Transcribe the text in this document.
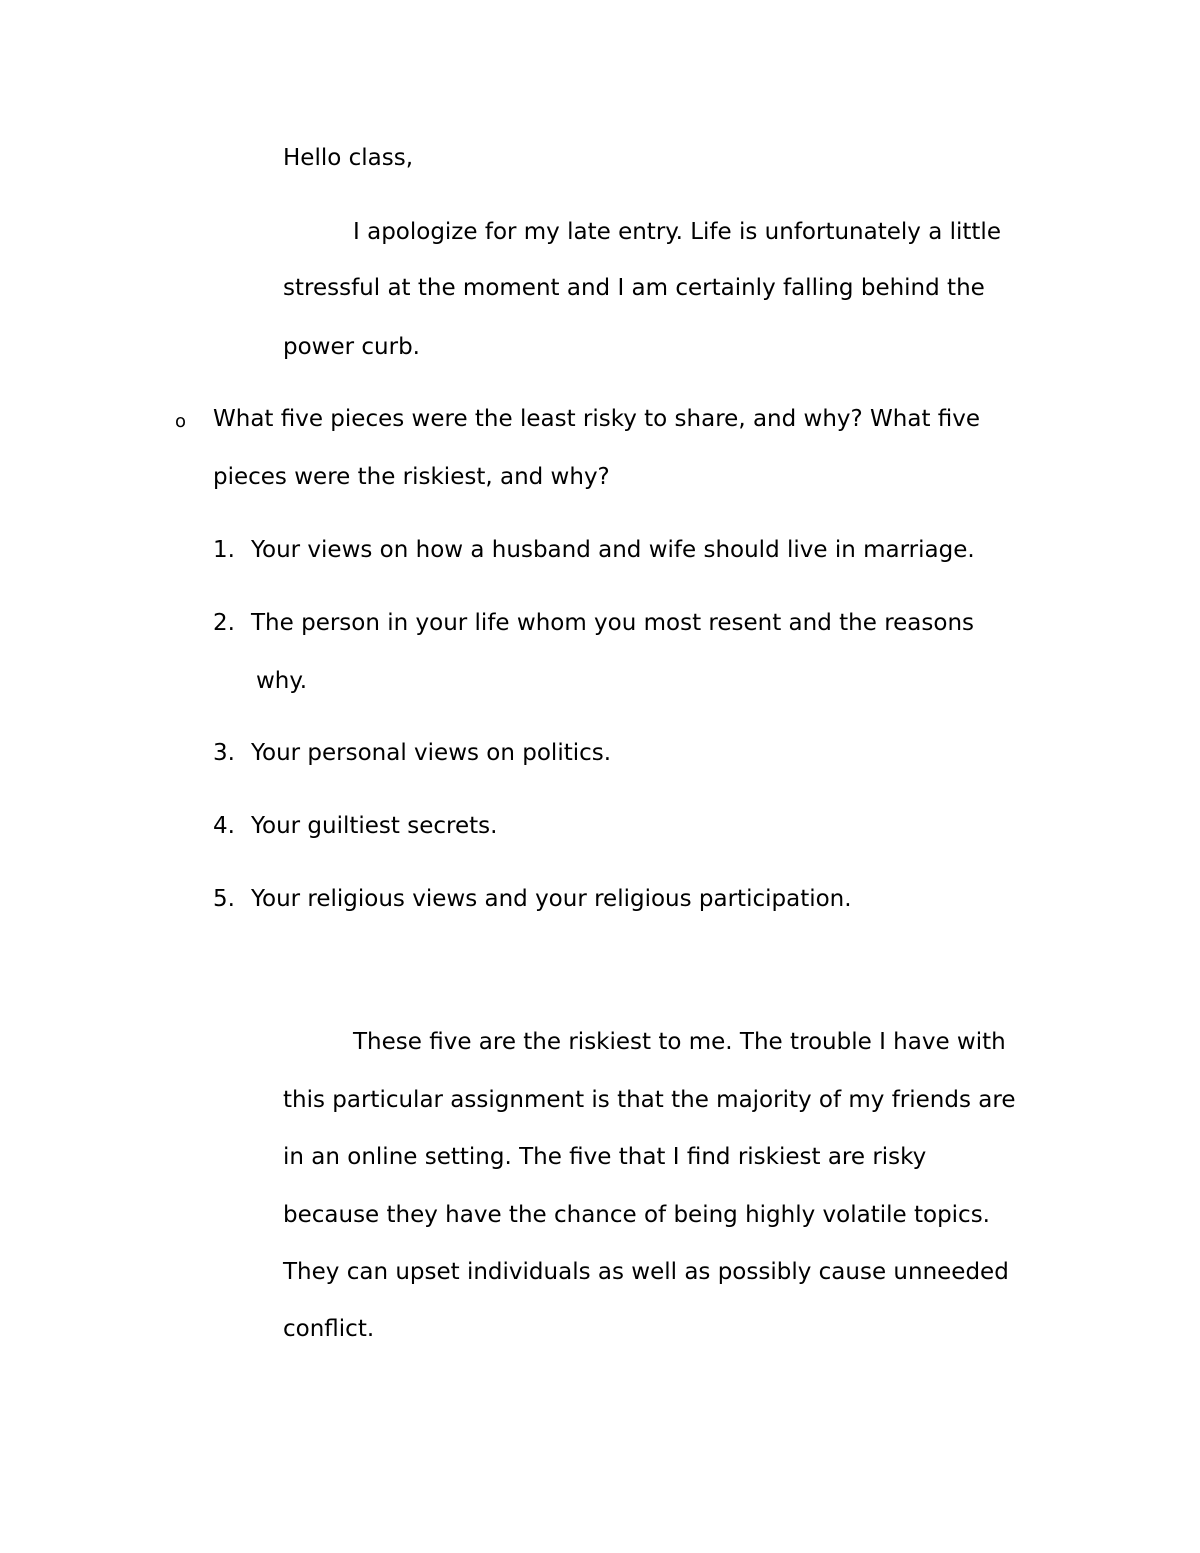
Hello class,
I apologize for my late entry. Life is unfortunately a little
stressful at the moment and I am certainly falling behind the
power curb.
o What five pieces were the least risky to share, and why? What five
pieces were the riskiest, and why?
1. Your views on how a husband and wife should live in marriage.
2. The person in your life whom you most resent and the reasons
why.
3. Your personal views on politics.
4. Your guiltiest secrets.
5. Your religious views and your religious participation.
These five are the riskiest to me. The trouble I have with
this particular assignment is that the majority of my friends are
in an online setting. The five that I find riskiest are risky
because they have the chance of being highly volatile topics.
They can upset individuals as well as possibly cause unneeded
conflict.
